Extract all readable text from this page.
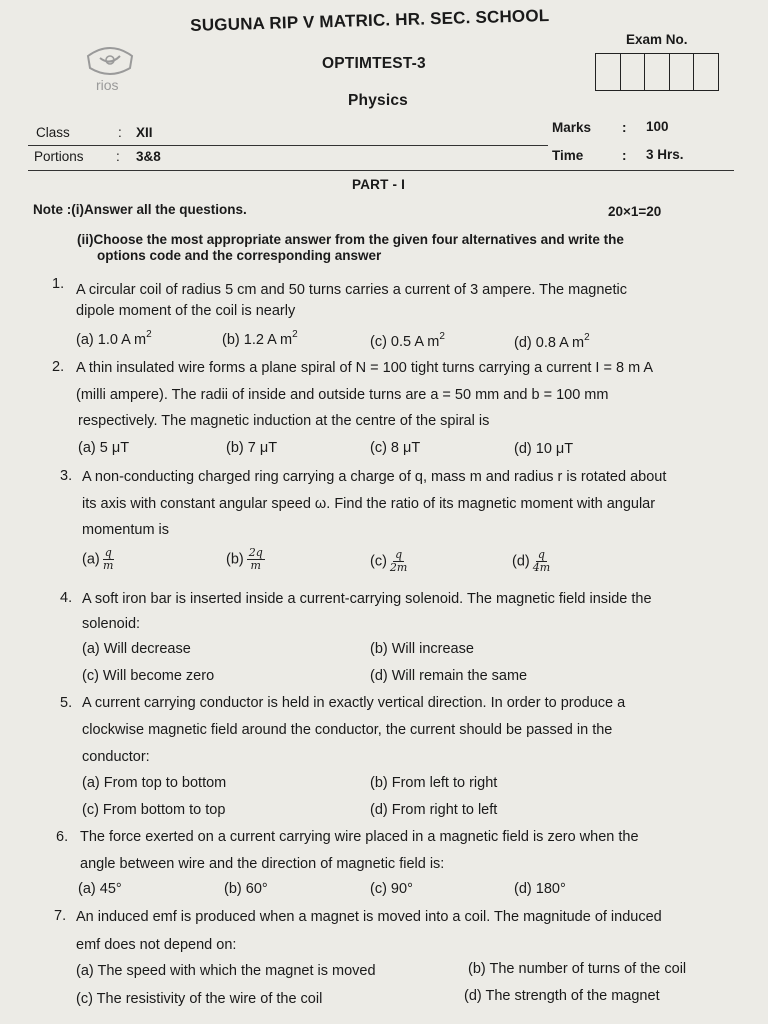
rios
SUGUNA RIP V MATRIC. HR. SEC. SCHOOL
OPTIMTEST-3
Physics
Exam No.
Class	: XII
Portions : 3&8
Marks : 100
Time	: 3 Hrs.
PART - I
Note :(i)Answer all the questions.	20×1=20
(ii)Choose the most appropriate answer from the given four alternatives and write the
options code and the corresponding answer
1. A circular coil of radius 5 cm and 50 turns carries a current of 3 ampere. The magnetic
dipole moment of the coil is nearly
(a) 1.0 A $m^2$	(b) 1.2 A $m^2$	(c) 0.5 A $m^2$	(d) 0.8 A $m^2$
2. A thin insulated wire forms a plane spiral of N = 100 tight turns carrying a current I = 8 m A
(milli ampere). The radii of inside and outside turns are a = 50 mm and b = 100 mm
respectively. The magnetic induction at the centre of the spiral is
(a) 5 μT	(b) 7 μT	(c) 8 μT	(d) 10 μT
3. A non-conducting charged ring carrying a charge of q, mass m and radius r is rotated about
its axis with constant angular speed ω. Find the ratio of its magnetic moment with angular
momentum is
$(a) \frac{q}{m}$	$(b) \frac{2q}{m}$	$(c) \frac{q}{2m}$	$(d) \frac{q}{4m}$
4. A soft iron bar is inserted inside a current-carrying solenoid. The magnetic field inside the
solenoid:
(a) Will decrease	(b) Will increase
(c) Will become zero	(d) Will remain the same
5. A current carrying conductor is held in exactly vertical direction. In order to produce a
clockwise magnetic field around the conductor, the current should be passed in the
conductor:
(a) From top to bottom	(b) From left to right
(c) From bottom to top	(d) From right to left
6. The force exerted on a current carrying wire placed in a magnetic field is zero when the
angle between wire and the direction of magnetic field is:
(a) 45°	(b) 60°	(c) 90°	(d) 180°
7. An induced emf is produced when a magnet is moved into a coil. The magnitude of induced
emf does not depend on:
(a) The speed with which the magnet is moved	(b) The number of turns of the coil
(c) The resistivity of the wire of the coil	(d) The strength of the magnet
